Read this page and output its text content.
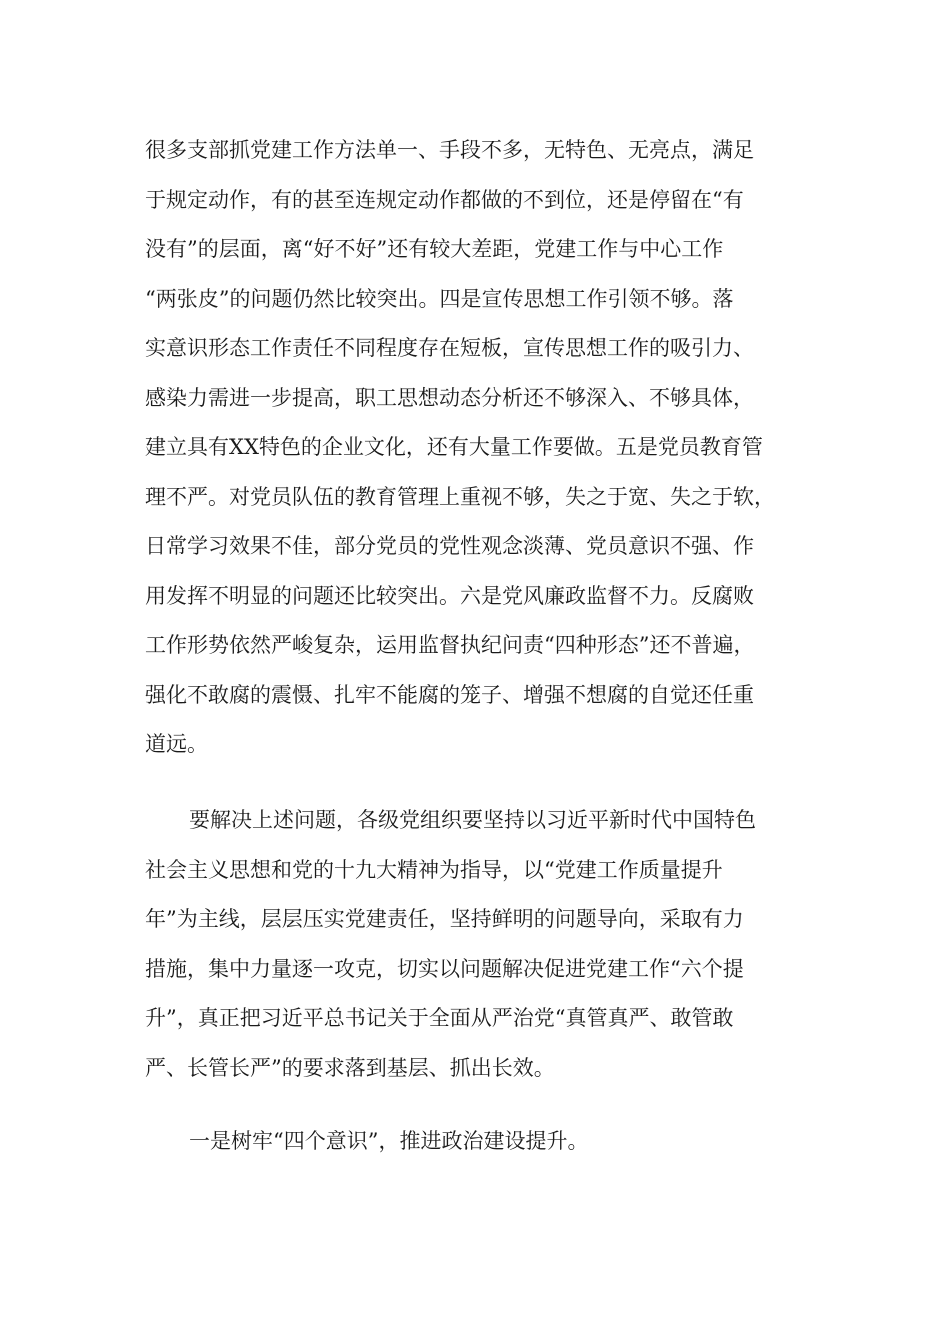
很多支部抓党建工作方法单一、手段不多，无特色、无亮点，满足
于规定动作，有的甚至连规定动作都做的不到位，还是停留在“有
没有”的层面，离“好不好”还有较大差距，党建工作与中心工作
“两张皮”的问题仍然比较突出。四是宣传思想工作引领不够。落
实意识形态工作责任不同程度存在短板，宣传思想工作的吸引力、
感染力需进一步提高，职工思想动态分析还不够深入、不够具体，
建立具有XX特色的企业文化，还有大量工作要做。五是党员教育管
理不严。对党员队伍的教育管理上重视不够，失之于宽、失之于软，
日常学习效果不佳，部分党员的党性观念淡薄、党员意识不强、作
用发挥不明显的问题还比较突出。六是党风廉政监督不力。反腐败
工作形势依然严峻复杂，运用监督执纪问责“四种形态”还不普遍，
强化不敢腐的震慑、扎牢不能腐的笼子、增强不想腐的自觉还任重
道远。
要解决上述问题，各级党组织要坚持以习近平新时代中国特色
社会主义思想和党的十九大精神为指导，以“党建工作质量提升
年”为主线，层层压实党建责任，坚持鲜明的问题导向，采取有力
措施，集中力量逐一攻克，切实以问题解决促进党建工作“六个提
升”，真正把习近平总书记关于全面从严治党“真管真严、敢管敢
严、长管长严”的要求落到基层、抓出长效。
一是树牢“四个意识”，推进政治建设提升。
